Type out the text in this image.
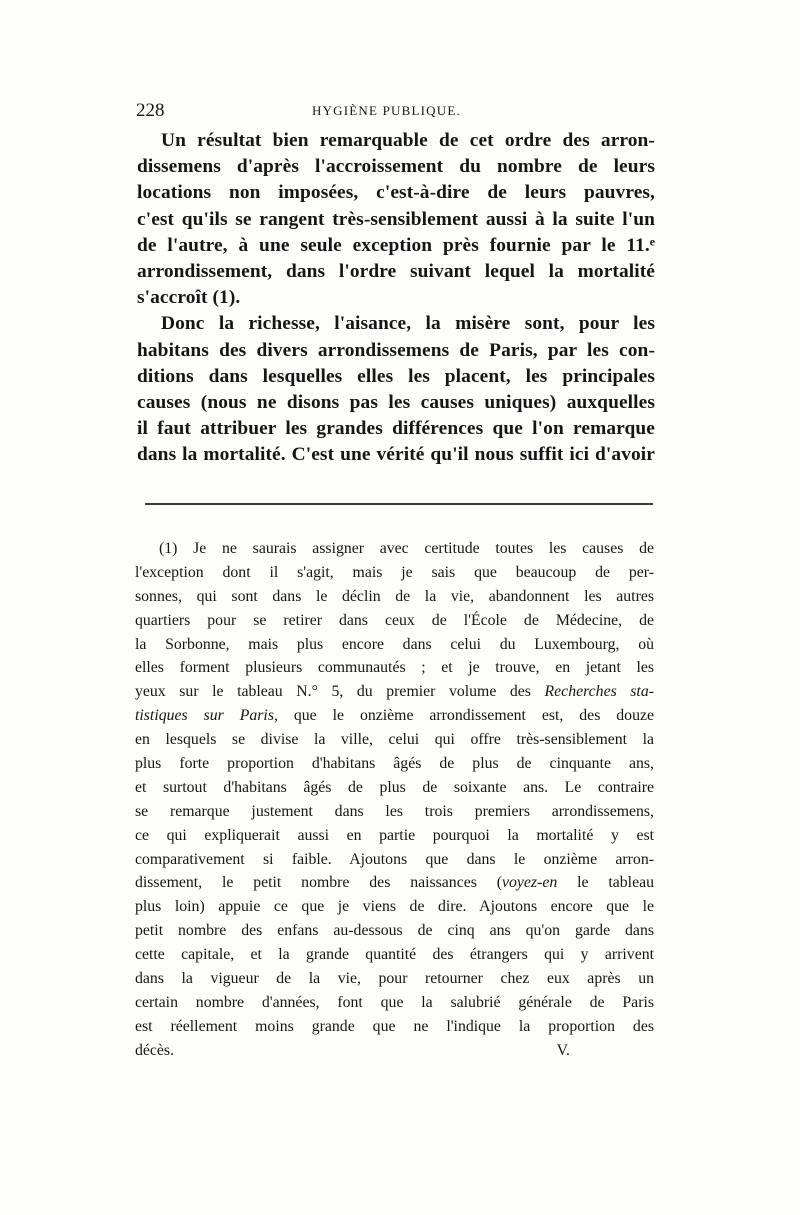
228	HYGIÈNE PUBLIQUE.
Un résultat bien remarquable de cet ordre des arron-
dissemens d'après l'accroissement du nombre de leurs
locations non imposées, c'est-à-dire de leurs pauvres,
c'est qu'ils se rangent très-sensiblement aussi à la suite l'un
de l'autre, à une seule exception près fournie par le 11.ᵉ
arrondissement, dans l'ordre suivant lequel la mortalité
s'accroît (1).
Donc la richesse, l'aisance, la misère sont, pour les
habitans des divers arrondissemens de Paris, par les con-
ditions dans lesquelles elles les placent, les principales
causes (nous ne disons pas les causes uniques) auxquelles
il faut attribuer les grandes différences que l'on remarque
dans la mortalité. C'est une vérité qu'il nous suffit ici d'avoir
(1) Je ne saurais assigner avec certitude toutes les causes de
l'exception dont il s'agit, mais je sais que beaucoup de per-
sonnes, qui sont dans le déclin de la vie, abandonnent les autres
quartiers pour se retirer dans ceux de l'École de Médecine, de
la Sorbonne, mais plus encore dans celui du Luxembourg, où
elles forment plusieurs communautés ; et je trouve, en jetant les
yeux sur le tableau N.° 5, du premier volume des Recherches sta-
tistiques sur Paris, que le onzième arrondissement est, des douze
en lesquels se divise la ville, celui qui offre très-sensiblement la
plus forte proportion d'habitans âgés de plus de cinquante ans,
et surtout d'habitans âgés de plus de soixante ans. Le contraire
se remarque justement dans les trois premiers arrondissemens,
ce qui expliquerait aussi en partie pourquoi la mortalité y est
comparativement si faible. Ajoutons que dans le onzième arron-
dissement, le petit nombre des naissances (voyez-en le tableau
plus loin) appuie ce que je viens de dire. Ajoutons encore que le
petit nombre des enfans au-dessous de cinq ans qu'on garde dans
cette capitale, et la grande quantité des étrangers qui y arrivent
dans la vigueur de la vie, pour retourner chez eux après un
certain nombre d'années, font que la salubrié générale de Paris
est réellement moins grande que ne l'indique la proportion des
décès.	V.
